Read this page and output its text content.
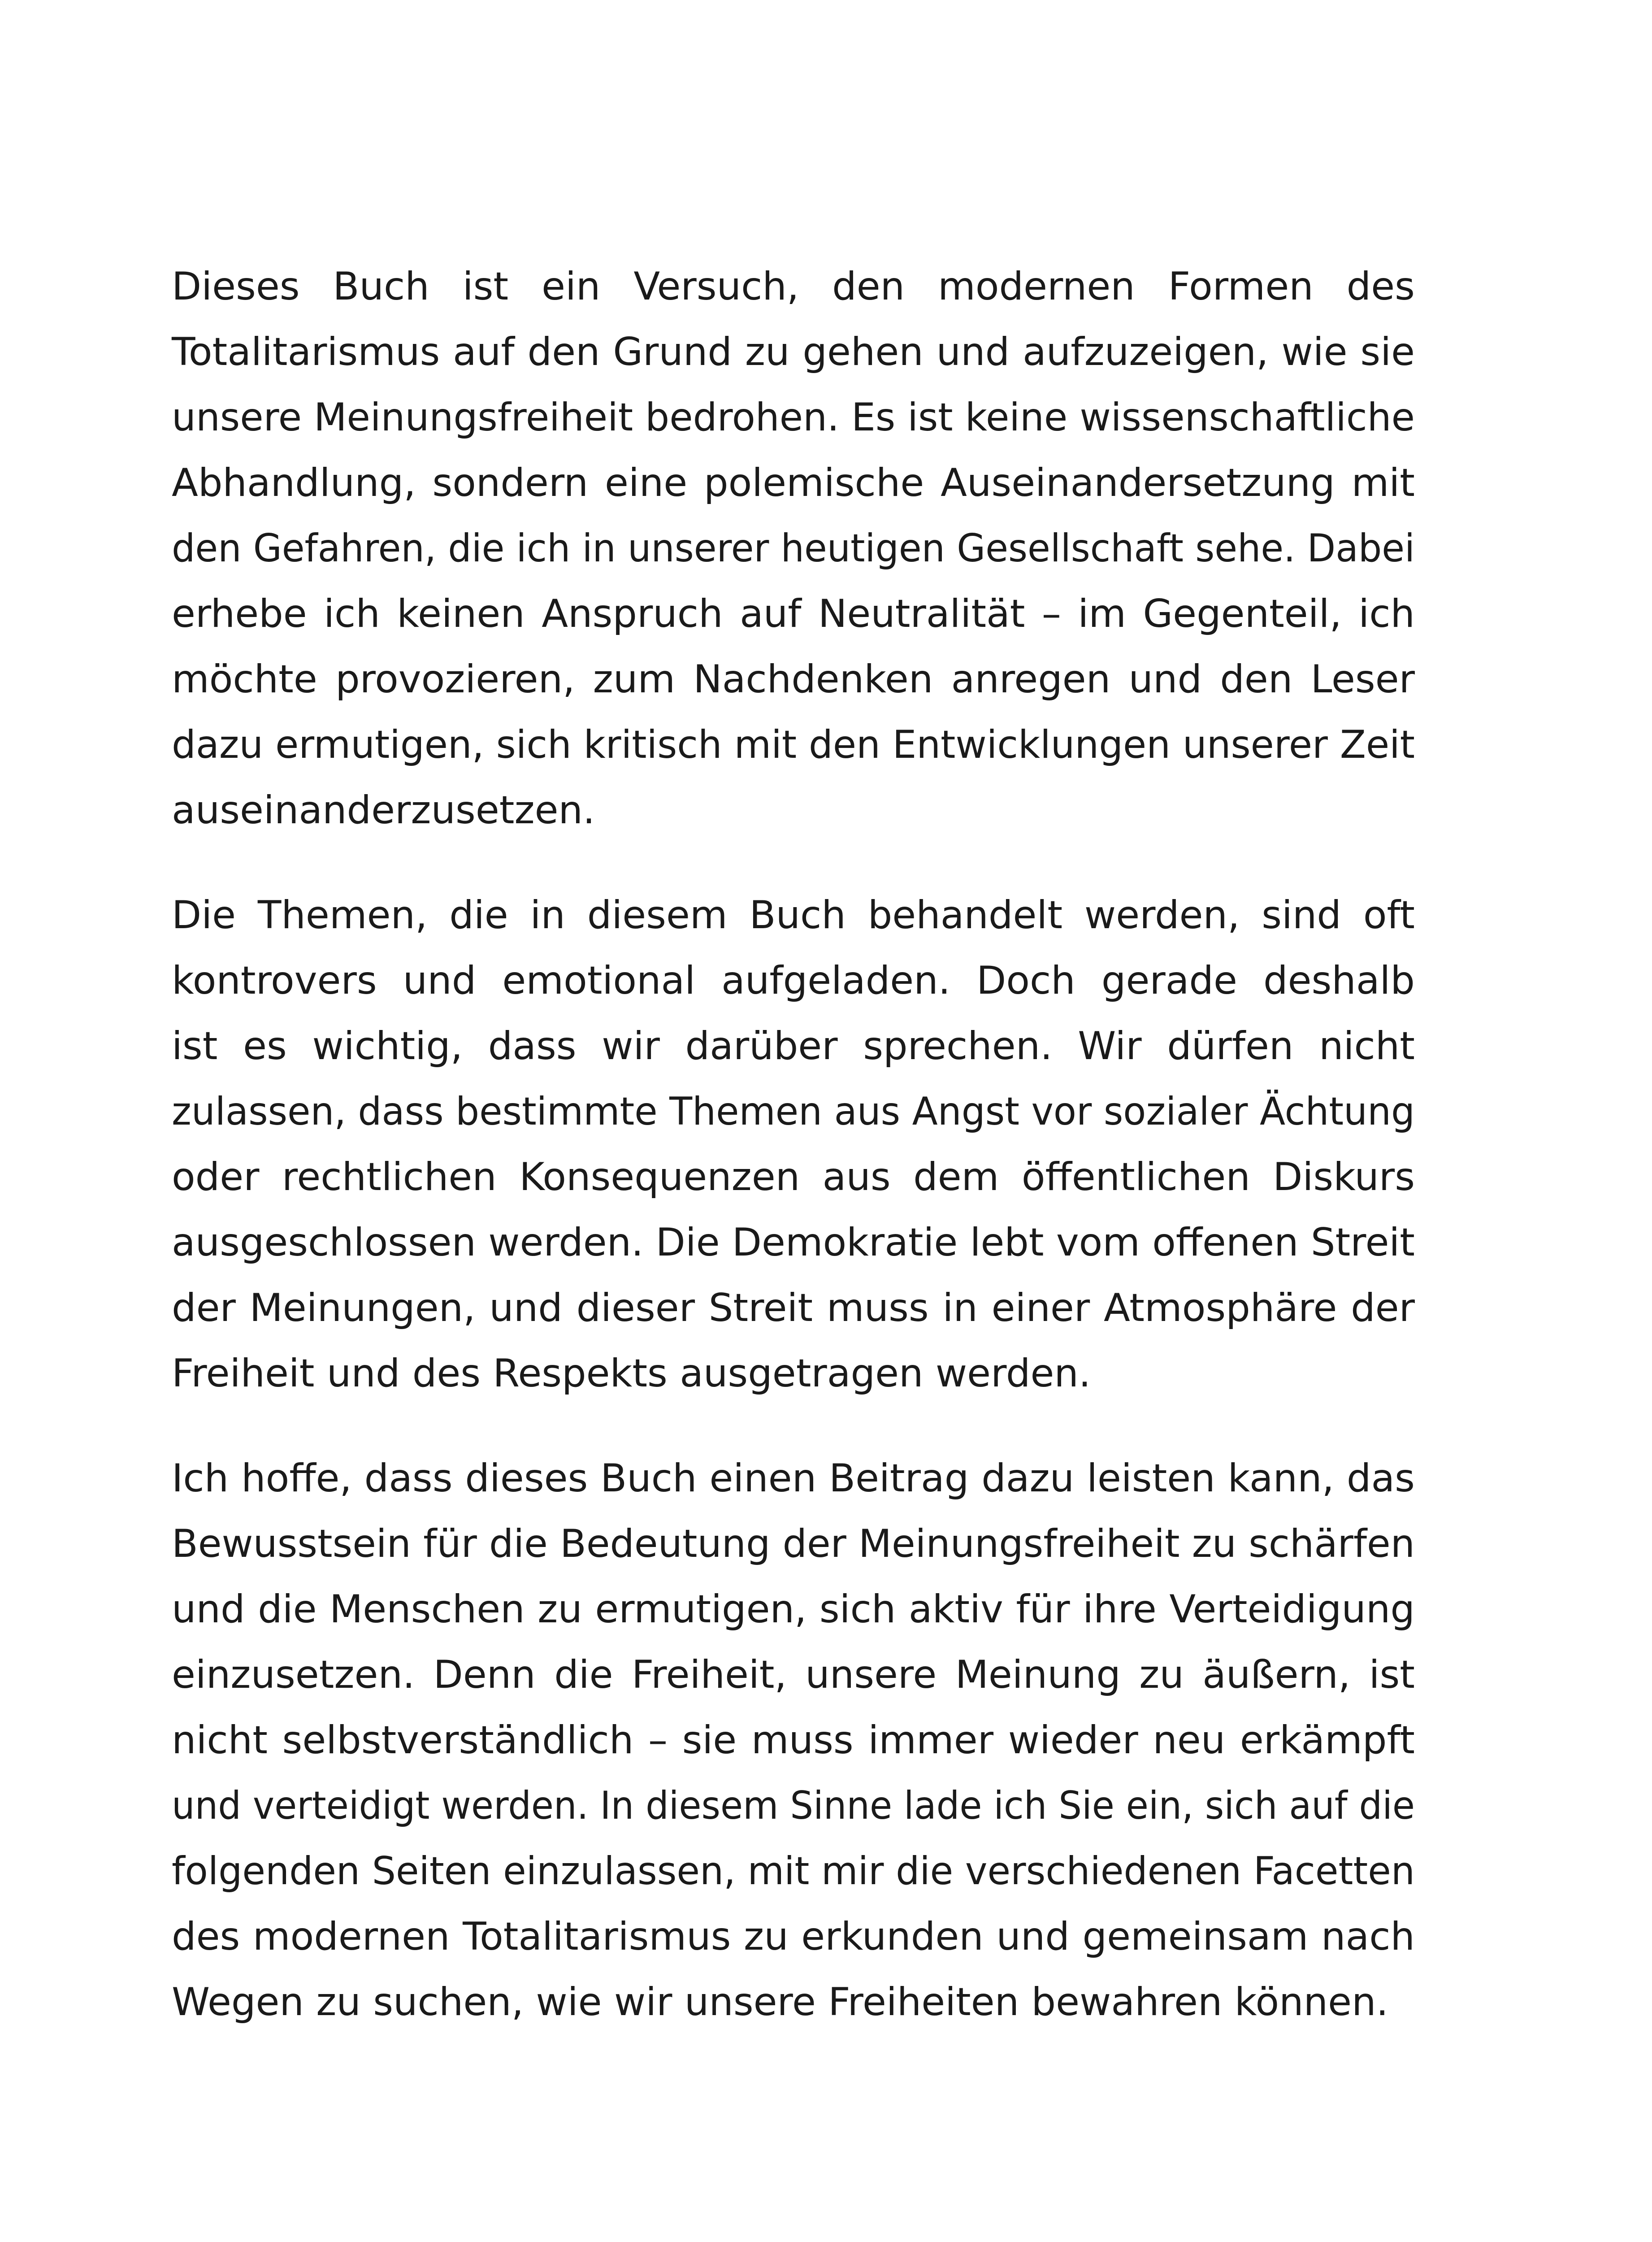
Dieses Buch ist ein Versuch, den modernen Formen des
Totalitarismus auf den Grund zu gehen und aufzuzeigen, wie sie
unsere Meinungsfreiheit bedrohen. Es ist keine wissenschaftliche
Abhandlung, sondern eine polemische Auseinandersetzung mit
den Gefahren, die ich in unserer heutigen Gesellschaft sehe. Dabei
erhebe ich keinen Anspruch auf Neutralität – im Gegenteil, ich
möchte provozieren, zum Nachdenken anregen und den Leser
dazu ermutigen, sich kritisch mit den Entwicklungen unserer Zeit
auseinanderzusetzen.

Die Themen, die in diesem Buch behandelt werden, sind oft
kontrovers und emotional aufgeladen. Doch gerade deshalb
ist es wichtig, dass wir darüber sprechen. Wir dürfen nicht
zulassen, dass bestimmte Themen aus Angst vor sozialer Ächtung
oder rechtlichen Konsequenzen aus dem öffentlichen Diskurs
ausgeschlossen werden. Die Demokratie lebt vom offenen Streit
der Meinungen, und dieser Streit muss in einer Atmosphäre der
Freiheit und des Respekts ausgetragen werden.

Ich hoffe, dass dieses Buch einen Beitrag dazu leisten kann, das
Bewusstsein für die Bedeutung der Meinungsfreiheit zu schärfen
und die Menschen zu ermutigen, sich aktiv für ihre Verteidigung
einzusetzen. Denn die Freiheit, unsere Meinung zu äußern, ist
nicht selbstverständlich – sie muss immer wieder neu erkämpft
und verteidigt werden. In diesem Sinne lade ich Sie ein, sich auf die
folgenden Seiten einzulassen, mit mir die verschiedenen Facetten
des modernen Totalitarismus zu erkunden und gemeinsam nach
Wegen zu suchen, wie wir unsere Freiheiten bewahren können.
